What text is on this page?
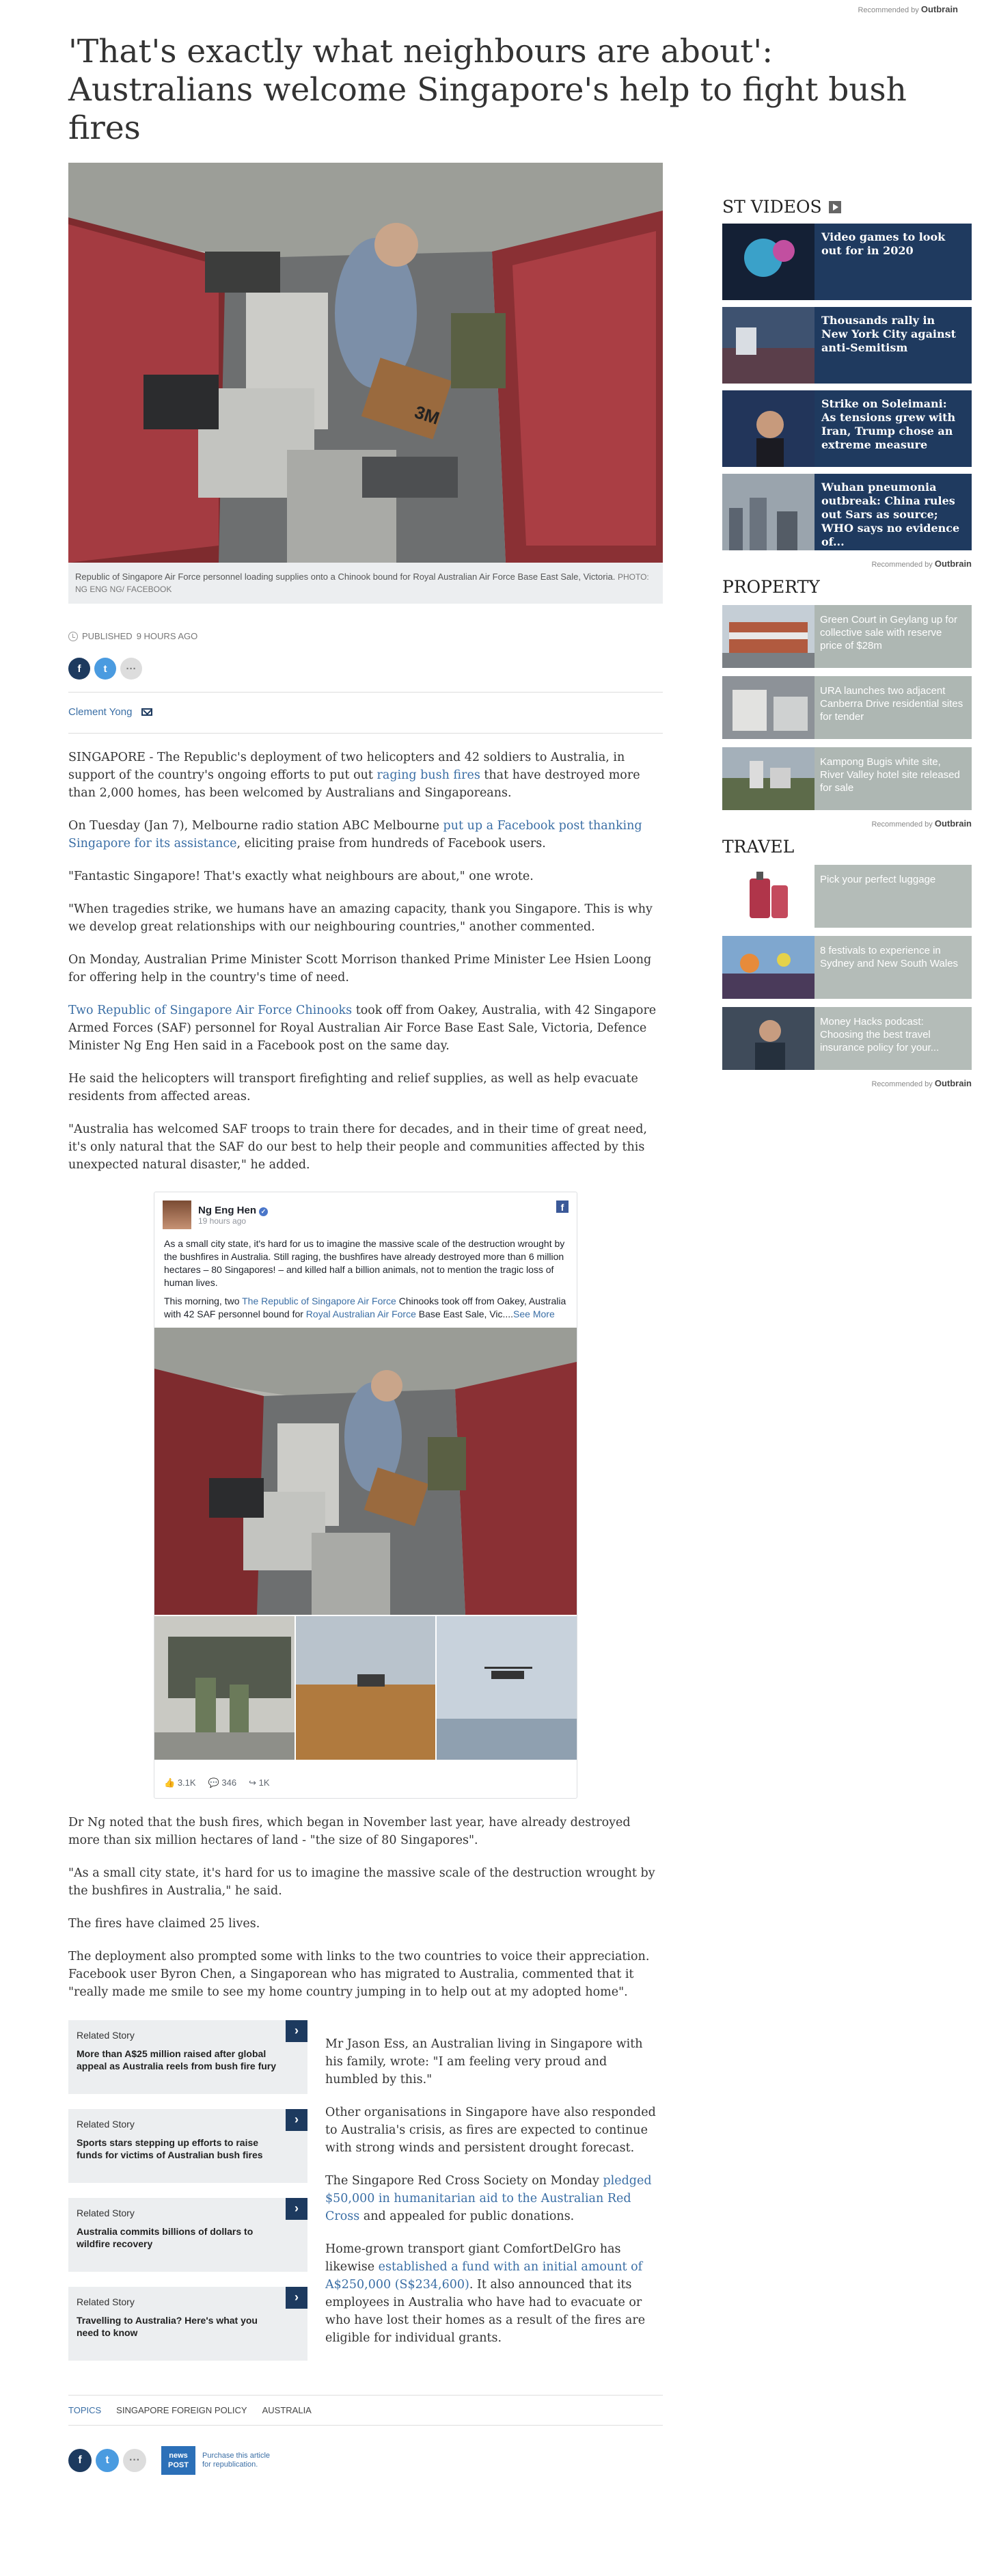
Recommended by Outbrain
'That's exactly what neighbours are about': Australians welcome Singapore's help to fight bush fires
3M
Republic of Singapore Air Force personnel loading supplies onto a Chinook bound for Royal Australian Air Force Base East Sale, Victoria. PHOTO: NG ENG NG/ FACEBOOK
PUBLISHED 9 HOURS AGO
f	t	···
Clement Yong

SINGAPORE - The Republic's deployment of two helicopters and 42 soldiers to Australia, in support of the country's ongoing efforts to put out raging bush fires that have destroyed more than 2,000 homes, has been welcomed by Australians and Singaporeans.

On Tuesday (Jan 7), Melbourne radio station ABC Melbourne put up a Facebook post thanking Singapore for its assistance, eliciting praise from hundreds of Facebook users.

"Fantastic Singapore! That's exactly what neighbours are about," one wrote.

"When tragedies strike, we humans have an amazing capacity, thank you Singapore. This is why we develop great relationships with our neighbouring countries," another commented.

On Monday, Australian Prime Minister Scott Morrison thanked Prime Minister Lee Hsien Loong for offering help in the country's time of need.

Two Republic of Singapore Air Force Chinooks took off from Oakey, Australia, with 42 Singapore Armed Forces (SAF) personnel for Royal Australian Air Force Base East Sale, Victoria, Defence Minister Ng Eng Hen said in a Facebook post on the same day.

He said the helicopters will transport firefighting and relief supplies, as well as help evacuate residents from affected areas.

"Australia has welcomed SAF troops to train there for decades, and in their time of great need, it's only natural that the SAF do our best to help their people and communities affected by this unexpected natural disaster," he added.

Ng Eng Hen ✓
19 hours ago
f
As a small city state, it's hard for us to imagine the massive scale of the destruction wrought by the bushfires in Australia. Still raging, the bushfires have already destroyed more than 6 million hectares – 80 Singapores! – and killed half a billion animals, not to mention the tragic loss of human lives.
This morning, two The Republic of Singapore Air Force Chinooks took off from Oakey, Australia with 42 SAF personnel bound for Royal Australian Air Force Base East Sale, Vic....See More
👍 3.1K 💬 346 ↪ 1K

Dr Ng noted that the bush fires, which began in November last year, have already destroyed more than six million hectares of land - "the size of 80 Singapores".

"As a small city state, it's hard for us to imagine the massive scale of the destruction wrought by the bushfires in Australia," he said.

The fires have claimed 25 lives.

The deployment also prompted some with links to the two countries to voice their appreciation. Facebook user Byron Chen, a Singaporean who has migrated to Australia, commented that it "really made me smile to see my home country jumping in to help out at my adopted home".

Related Story
More than A$25 million raised after global appeal as Australia reels from bush fire fury
›
Related Story
Sports stars stepping up efforts to raise funds for victims of Australian bush fires
›
Related Story
Australia commits billions of dollars to wildfire recovery
›
Related Story
Travelling to Australia? Here's what you need to know
›

Mr Jason Ess, an Australian living in Singapore with his family, wrote: "I am feeling very proud and humbled by this."

Other organisations in Singapore have also responded to Australia's crisis, as fires are expected to continue with strong winds and persistent drought forecast.

The Singapore Red Cross Society on Monday pledged $50,000 in humanitarian aid to the Australian Red Cross and appealed for public donations.

Home-grown transport giant ComfortDelGro has likewise established a fund with an initial amount of A$250,000 (S$234,600). It also announced that its employees in Australia who have had to evacuate or who have lost their homes as a result of the fires are eligible for individual grants.

TOPICS SINGAPORE FOREIGN POLICY AUSTRALIA
f	t	···	news POST
Purchase this article for republication.
ST VIDEOS
Video games to look out for in 2020
Thousands rally in New York City against anti-Semitism
Strike on Soleimani: As tensions grew with Iran, Trump chose an extreme measure
Wuhan pneumonia outbreak: China rules out Sars as source; WHO says no evidence of...
Recommended by Outbrain
PROPERTY
Green Court in Geylang up for collective sale with reserve price of $28m
URA launches two adjacent Canberra Drive residential sites for tender
Kampong Bugis white site, River Valley hotel site released for sale
Recommended by Outbrain
TRAVEL
Pick your perfect luggage
8 festivals to experience in Sydney and New South Wales
Money Hacks podcast: Choosing the best travel insurance policy for your...
Recommended by Outbrain
